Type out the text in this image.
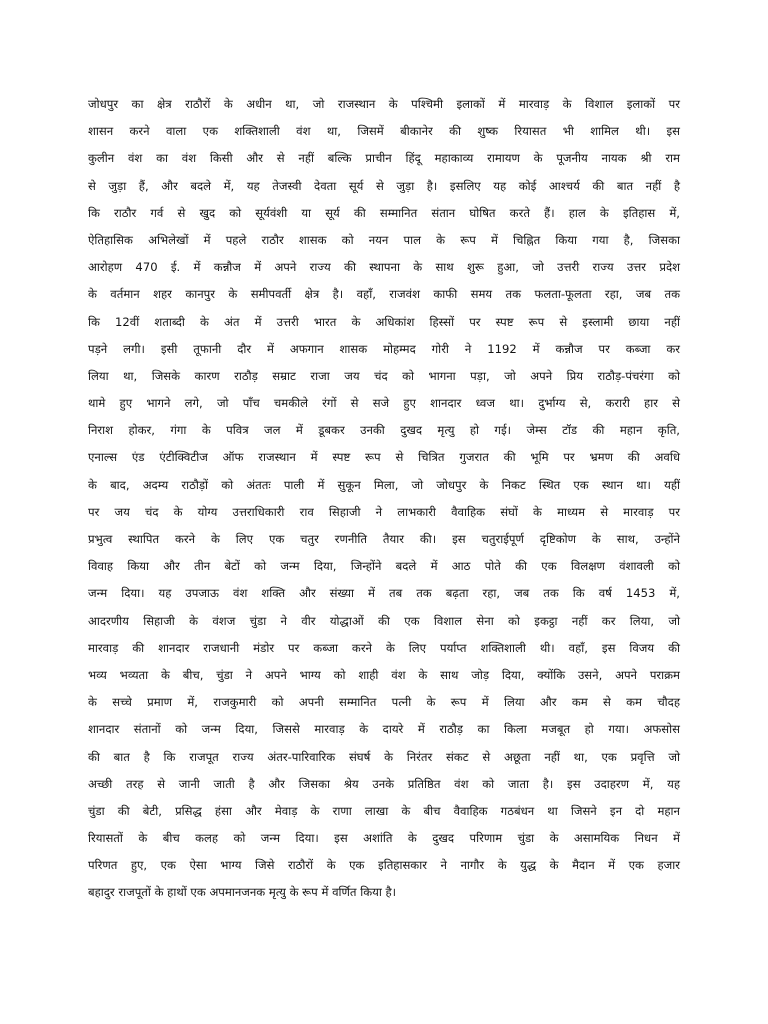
जोधपुर का क्षेत्र राठौरों के अधीन था, जो राजस्थान के पश्चिमी इलाकों में मारवाड़ के विशाल इलाकों पर
शासन करने वाला एक शक्तिशाली वंश था, जिसमें बीकानेर की शुष्क रियासत भी शामिल थी। इस
कुलीन वंश का वंश किसी और से नहीं बल्कि प्राचीन हिंदू महाकाव्य रामायण के पूजनीय नायक श्री राम
से जुड़ा हैं, और बदले में, यह तेजस्वी देवता सूर्य से जुड़ा है। इसलिए यह कोई आश्चर्य की बात नहीं है
कि राठौर गर्व से खुद को सूर्यवंशी या सूर्य की सम्मानित संतान घोषित करते हैं। हाल के इतिहास में,
ऐतिहासिक अभिलेखों में पहले राठौर शासक को नयन पाल के रूप में चिह्नित किया गया है, जिसका
आरोहण 470 ई. में कन्नौज में अपने राज्य की स्थापना के साथ शुरू हुआ, जो उत्तरी राज्य उत्तर प्रदेश
के वर्तमान शहर कानपुर के समीपवर्ती क्षेत्र है। वहाँ, राजवंश काफी समय तक फलता-फूलता रहा, जब तक
कि 12वीं शताब्दी के अंत में उत्तरी भारत के अधिकांश हिस्सों पर स्पष्ट रूप से इस्लामी छाया नहीं
पड़ने लगी। इसी तूफानी दौर में अफगान शासक मोहम्मद गोरी ने 1192 में कन्नौज पर कब्जा कर
लिया था, जिसके कारण राठौड़ सम्राट राजा जय चंद को भागना पड़ा, जो अपने प्रिय राठौड़-पंचरंगा को
थामे हुए भागने लगे, जो पाँच चमकीले रंगों से सजे हुए शानदार ध्वज था। दुर्भाग्य से, करारी हार से
निराश होकर, गंगा के पवित्र जल में डूबकर उनकी दुखद मृत्यु हो गई। जेम्स टॉड की महान कृति,
एनाल्स एंड एंटीक्विटीज ऑफ राजस्थान में स्पष्ट रूप से चित्रित गुजरात की भूमि पर भ्रमण की अवधि
के बाद, अदम्य राठौड़ों को अंततः पाली में सुकून मिला, जो जोधपुर के निकट स्थित एक स्थान था। यहीं
पर जय चंद के योग्य उत्तराधिकारी राव सिहाजी ने लाभकारी वैवाहिक संघों के माध्यम से मारवाड़ पर
प्रभुत्व स्थापित करने के लिए एक चतुर रणनीति तैयार की। इस चतुराईपूर्ण दृष्टिकोण के साथ, उन्होंने
विवाह किया और तीन बेटों को जन्म दिया, जिन्होंने बदले में आठ पोते की एक विलक्षण वंशावली को
जन्म दिया। यह उपजाऊ वंश शक्ति और संख्या में तब तक बढ़ता रहा, जब तक कि वर्ष 1453 में,
आदरणीय सिहाजी के वंशज चुंडा ने वीर योद्धाओं की एक विशाल सेना को इकट्ठा नहीं कर लिया, जो
मारवाड़ की शानदार राजधानी मंडोर पर कब्जा करने के लिए पर्याप्त शक्तिशाली थी। वहाँ, इस विजय की
भव्य भव्यता के बीच, चुंडा ने अपने भाग्य को शाही वंश के साथ जोड़ दिया, क्योंकि उसने, अपने पराक्रम
के सच्चे प्रमाण में, राजकुमारी को अपनी सम्मानित पत्नी के रूप में लिया और कम से कम चौदह
शानदार संतानों को जन्म दिया, जिससे मारवाड़ के दायरे में राठौड़ का किला मजबूत हो गया। अफसोस
की बात है कि राजपूत राज्य अंतर-पारिवारिक संघर्ष के निरंतर संकट से अछूता नहीं था, एक प्रवृत्ति जो
अच्छी तरह से जानी जाती है और जिसका श्रेय उनके प्रतिष्ठित वंश को जाता है। इस उदाहरण में, यह
चुंडा की बेटी, प्रसिद्ध हंसा और मेवाड़ के राणा लाखा के बीच वैवाहिक गठबंधन था जिसने इन दो महान
रियासतों के बीच कलह को जन्म दिया। इस अशांति के दुखद परिणाम चुंडा के असामयिक निधन में
परिणत हुए, एक ऐसा भाग्य जिसे राठौरों के एक इतिहासकार ने नागौर के युद्ध के मैदान में एक हजार
बहादुर राजपूतों के हाथों एक अपमानजनक मृत्यु के रूप में वर्णित किया है।
